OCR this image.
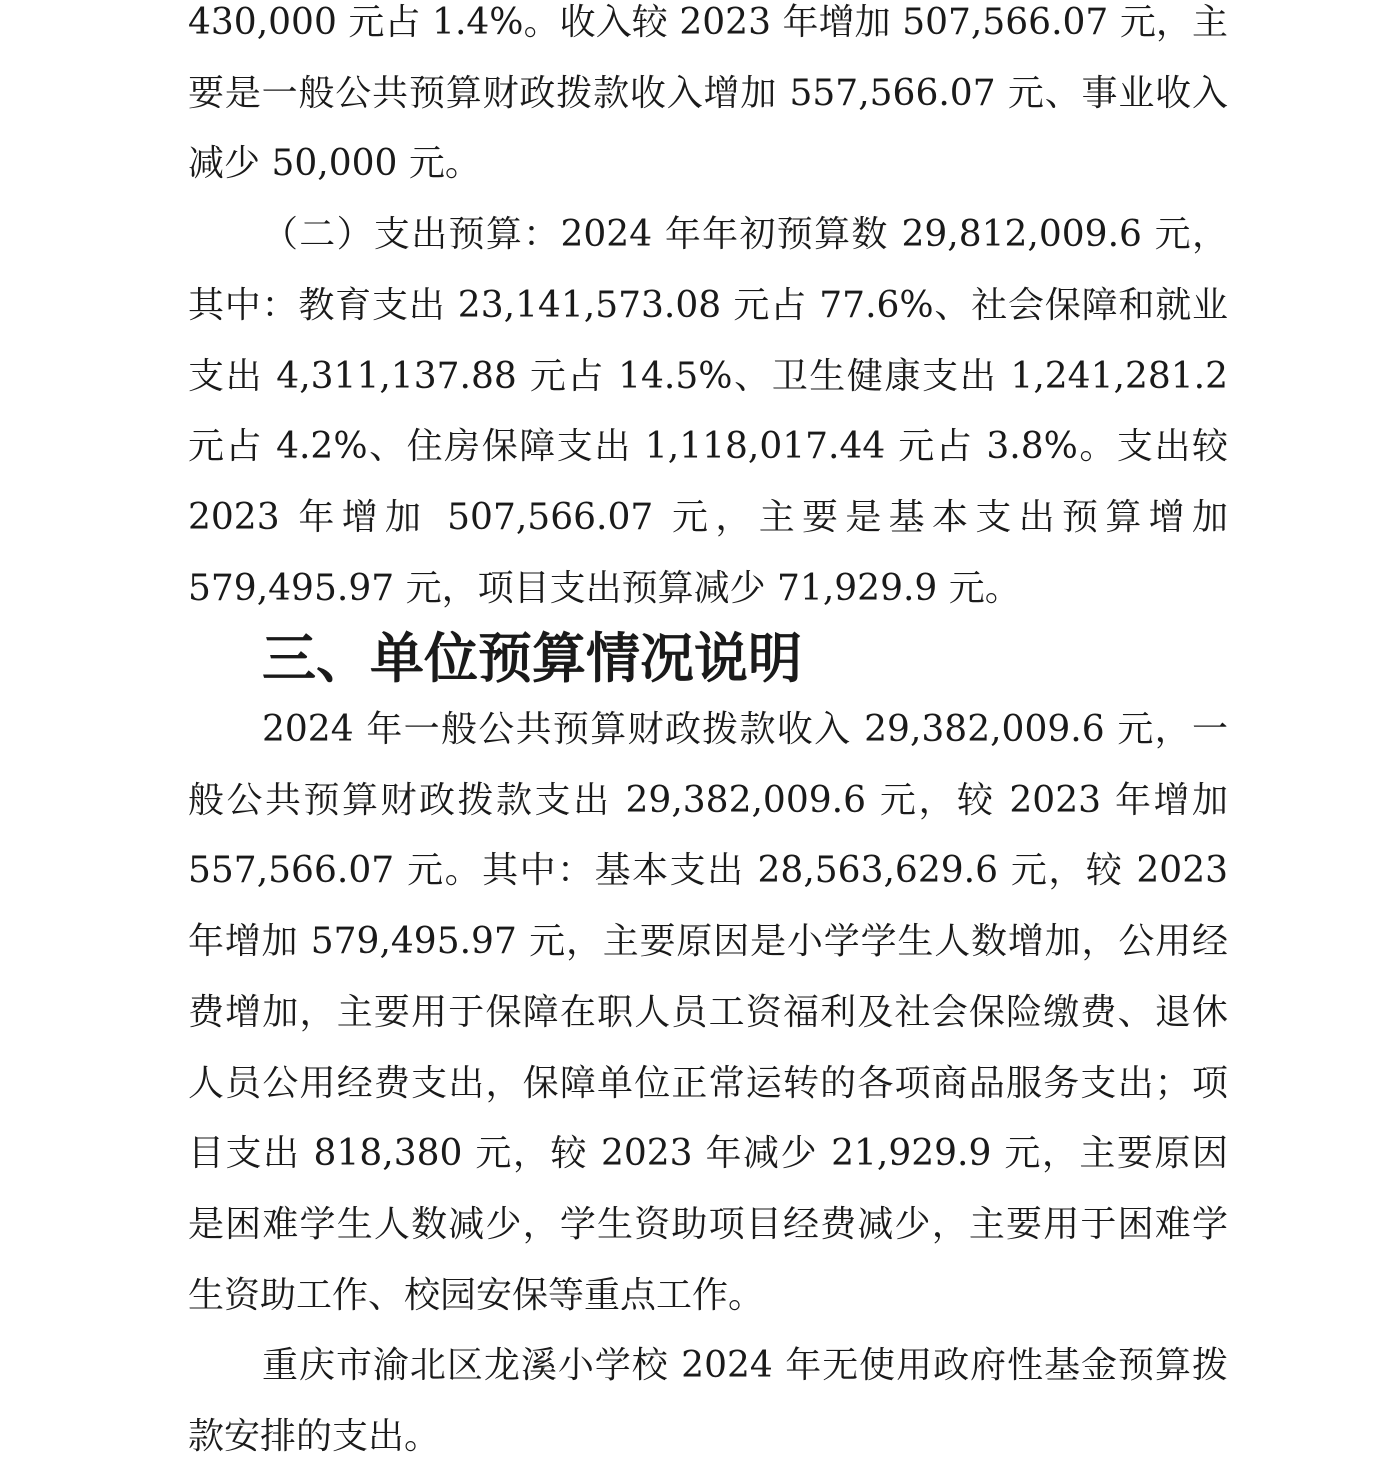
430,000 元占 1.4%。收入较 2023 年增加 507,566.07 元，主要是一般公共预算财政拨款收入增加 557,566.07 元、事业收入减少 50,000 元。

（二）支出预算：2024 年年初预算数 29,812,009.6 元，其中：教育支出 23,141,573.08 元占 77.6%、社会保障和就业支出 4,311,137.88 元占 14.5%、卫生健康支出 1,241,281.2 元占 4.2%、住房保障支出 1,118,017.44 元占 3.8%。支出较 2023 年增加 507,566.07 元，主要是基本支出预算增加 579,495.97 元，项目支出预算减少 71,929.9 元。

三、单位预算情况说明

2024 年一般公共预算财政拨款收入 29,382,009.6 元，一般公共预算财政拨款支出 29,382,009.6 元，较 2023 年增加 557,566.07 元。其中：基本支出 28,563,629.6 元，较 2023 年增加 579,495.97 元，主要原因是小学学生人数增加，公用经费增加，主要用于保障在职人员工资福利及社会保险缴费、退休人员公用经费支出，保障单位正常运转的各项商品服务支出；项目支出 818,380 元，较 2023 年减少 21,929.9 元，主要原因是困难学生人数减少，学生资助项目经费减少，主要用于困难学生资助工作、校园安保等重点工作。

重庆市渝北区龙溪小学校 2024 年无使用政府性基金预算拨款安排的支出。
